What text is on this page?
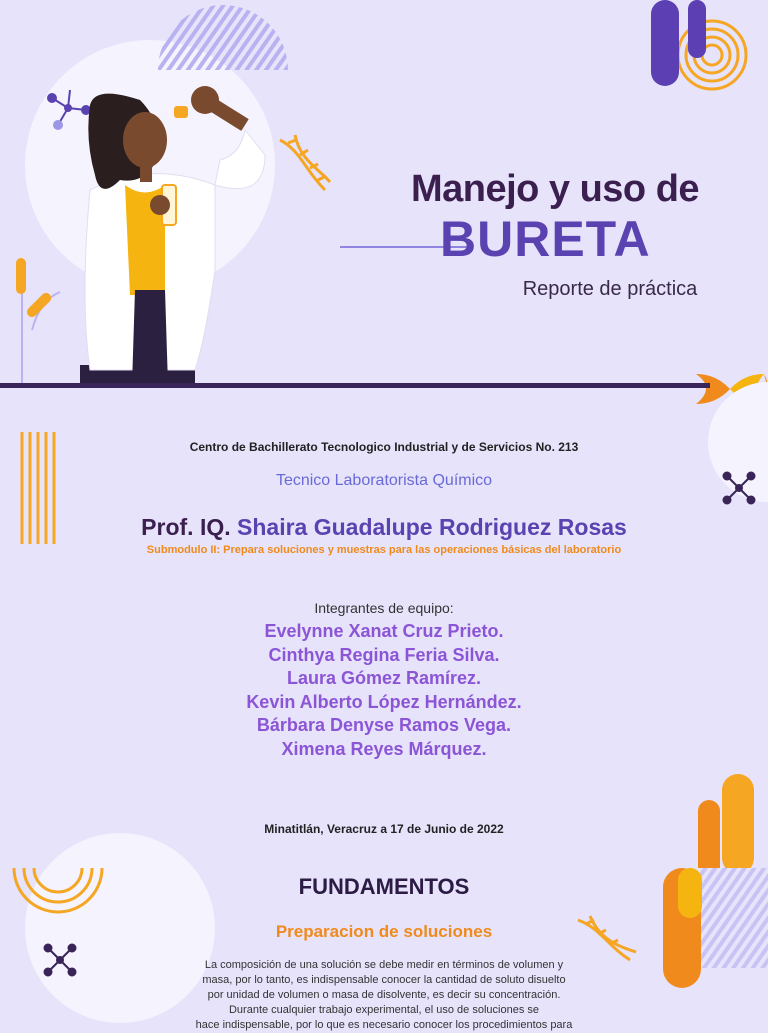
Manejo y uso de
BURETA
Reporte de práctica
Centro de Bachillerato Tecnologico Industrial y de Servicios No. 213
Tecnico Laboratorista Químico
Prof. IQ. Shaira Guadalupe Rodriguez Rosas
Submodulo II: Prepara soluciones y muestras para las operaciones básicas del laboratorio
Integrantes de equipo:
Evelynne Xanat Cruz Prieto.
Cinthya Regina Feria Silva.
Laura Gómez Ramírez.
Kevin Alberto López Hernández.
Bárbara Denyse Ramos Vega.
Ximena Reyes Márquez.
Minatitlán, Veracruz a 17 de Junio de 2022
FUNDAMENTOS
Preparacion de soluciones
La composición de una solución se debe medir en términos de volumen y
masa, por lo tanto, es indispensable conocer la cantidad de soluto disuelto
por unidad de volumen o masa de disolvente, es decir su concentración.
Durante cualquier trabajo experimental, el uso de soluciones se
hace indispensable, por lo que es necesario conocer los procedimientos para
